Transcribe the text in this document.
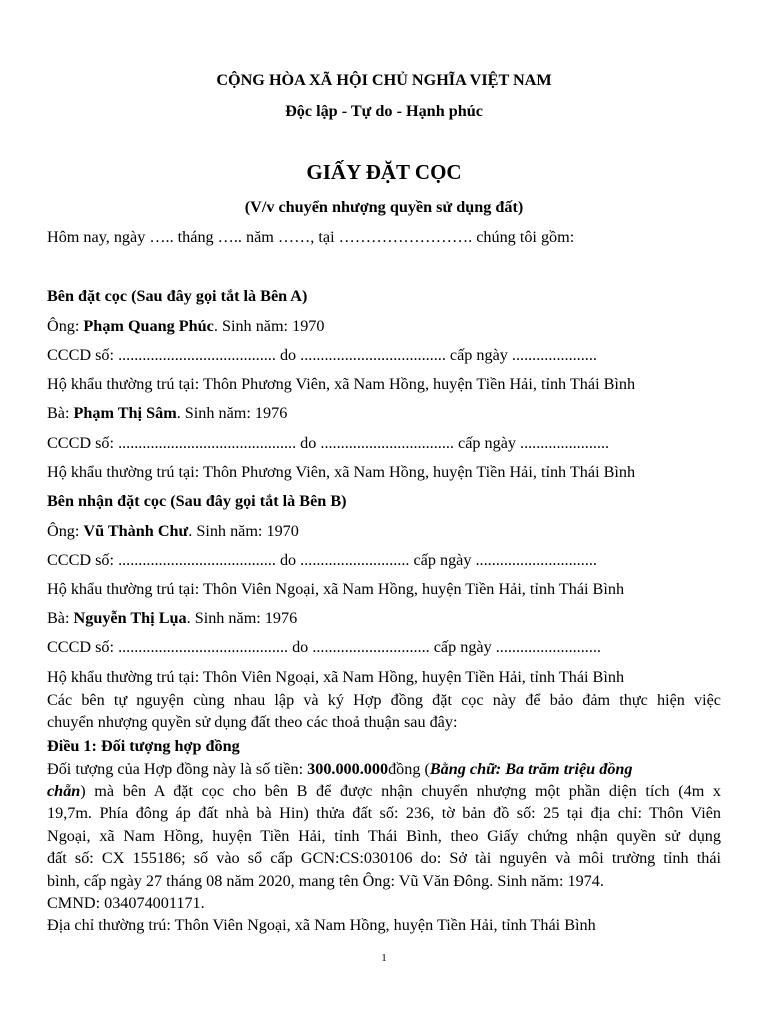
CỘNG HÒA XÃ HỘI CHỦ NGHĨA VIỆT NAM

Độc lập - Tự do - Hạnh phúc

GIẤY ĐẶT CỌC

(V/v chuyển nhượng quyền sử dụng đất)

Hôm nay, ngày ….. tháng ….. năm ……, tại ……………………. chúng tôi gồm:

Bên đặt cọc (Sau đây gọi tắt là Bên A)

Ông: Phạm Quang Phúc. Sinh năm: 1970

CCCD số: ....................................... do .................................... cấp ngày .....................

Hộ khẩu thường trú tại: Thôn Phương Viên, xã Nam Hồng, huyện Tiền Hải, tỉnh Thái Bình

Bà: Phạm Thị Sâm. Sinh năm: 1976

CCCD số: ............................................ do ................................. cấp ngày ......................

Hộ khẩu thường trú tại: Thôn Phương Viên, xã Nam Hồng, huyện Tiền Hải, tỉnh Thái Bình

Bên nhận đặt cọc (Sau đây gọi tắt là Bên B)

Ông: Vũ Thành Chư. Sinh năm: 1970

CCCD số: ....................................... do ........................... cấp ngày ..............................

Hộ khẩu thường trú tại: Thôn Viên Ngoại, xã Nam Hồng, huyện Tiền Hải, tỉnh Thái Bình

Bà: Nguyễn Thị Lụa. Sinh năm: 1976

CCCD số: .......................................... do ............................. cấp ngày ..........................

Hộ khẩu thường trú tại: Thôn Viên Ngoại, xã Nam Hồng, huyện Tiền Hải, tỉnh Thái Bình

Các bên tự nguyện cùng nhau lập và ký Hợp đồng đặt cọc này để bảo đảm thực hiện việc

chuyển nhượng quyền sử dụng đất theo các thoả thuận sau đây:

Điều 1: Đối tượng hợp đồng

Đối tượng của Hợp đồng này là số tiền: 300.000.000đồng (Bằng chữ: Ba trăm triệu đồng

chẵn) mà bên A đặt cọc cho bên B để được nhận chuyển nhượng một phần diện tích (4m x

19,7m. Phía đông áp đất nhà bà Hin) thửa đất số: 236, tờ bản đồ số: 25 tại địa chỉ: Thôn Viên

Ngoại, xã Nam Hồng, huyện Tiền Hải, tỉnh Thái Bình, theo Giấy chứng nhận quyền sử dụng

đất số: CX 155186; số vào sổ cấp GCN:CS:030106 do: Sở tài nguyên và môi trường tỉnh thái

bình, cấp ngày 27 tháng 08 năm 2020, mang tên Ông: Vũ Văn Đông. Sinh năm: 1974.

CMND: 034074001171.

Địa chỉ thường trú: Thôn Viên Ngoại, xã Nam Hồng, huyện Tiền Hải, tỉnh Thái Bình

1
